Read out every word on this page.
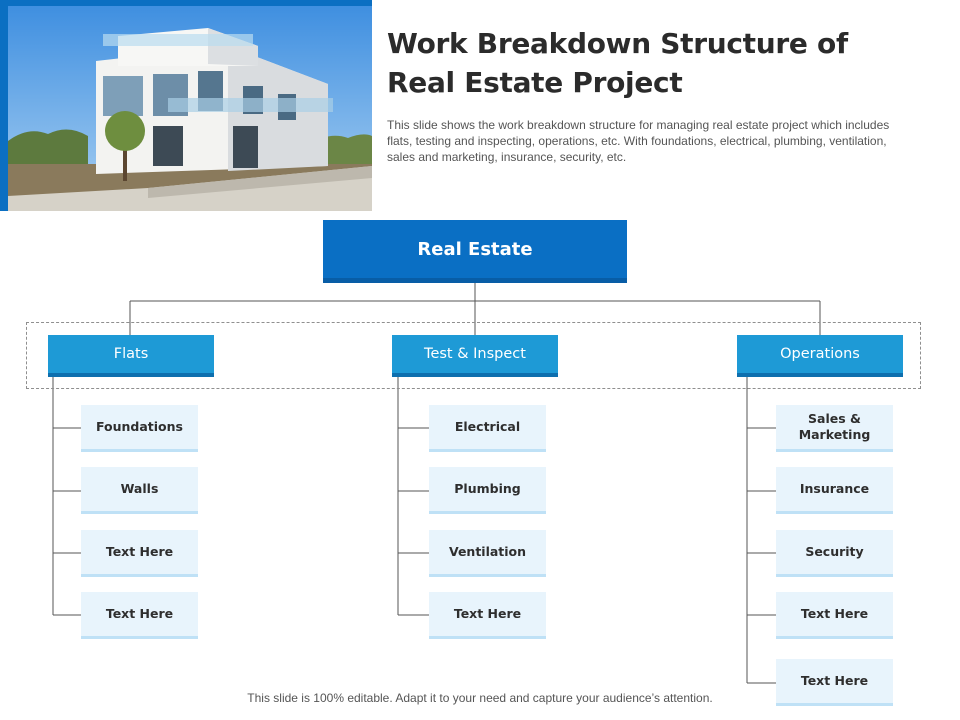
Work Breakdown Structure of Real Estate Project

This slide shows the work breakdown structure for managing real estate project which includes flats, testing and inspecting, operations, etc. With foundations, electrical, plumbing, ventilation, sales and marketing, insurance, security, etc.

Real Estate
Flats	Test & Inspect	Operations
Foundations
Walls
Text Here
Text Here
Electrical
Plumbing
Ventilation
Text Here
Sales & Marketing
Insurance
Security
Text Here
Text Here

This slide is 100% editable. Adapt it to your need and capture your audience’s attention.
